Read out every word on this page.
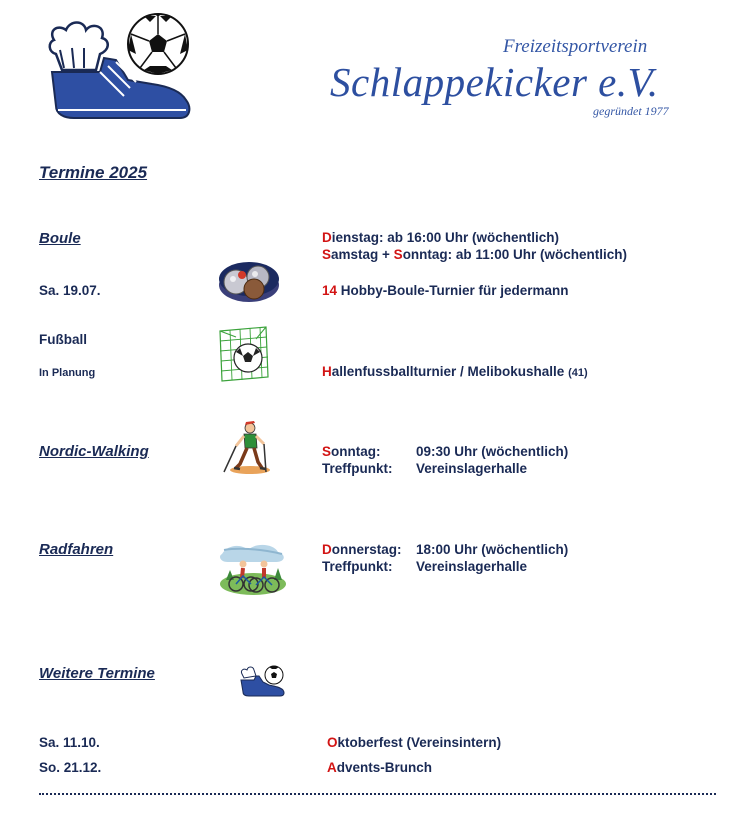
Freizeitsportverein
Schlappekicker e.V.
gegründet 1977
Termine 2025
Boule	Dienstag: ab 16:00 Uhr (wöchentlich)
Samstag + Sonntag: ab 11:00 Uhr (wöchentlich)
Sa. 19.07.	14 Hobby-Boule-Turnier für jedermann
Fußball
In Planung	Hallenfussballturnier / Melibokushalle (41)
Nordic-Walking	Sonntag:	09:30 Uhr (wöchentlich)
Treffpunkt: Vereinslagerhalle
Radfahren	Donnerstag: 18:00 Uhr (wöchentlich)
Treffpunkt: Vereinslagerhalle
Weitere Termine
Sa. 11.10.	Oktoberfest (Vereinsintern)
So. 21.12.	Advents-Brunch
